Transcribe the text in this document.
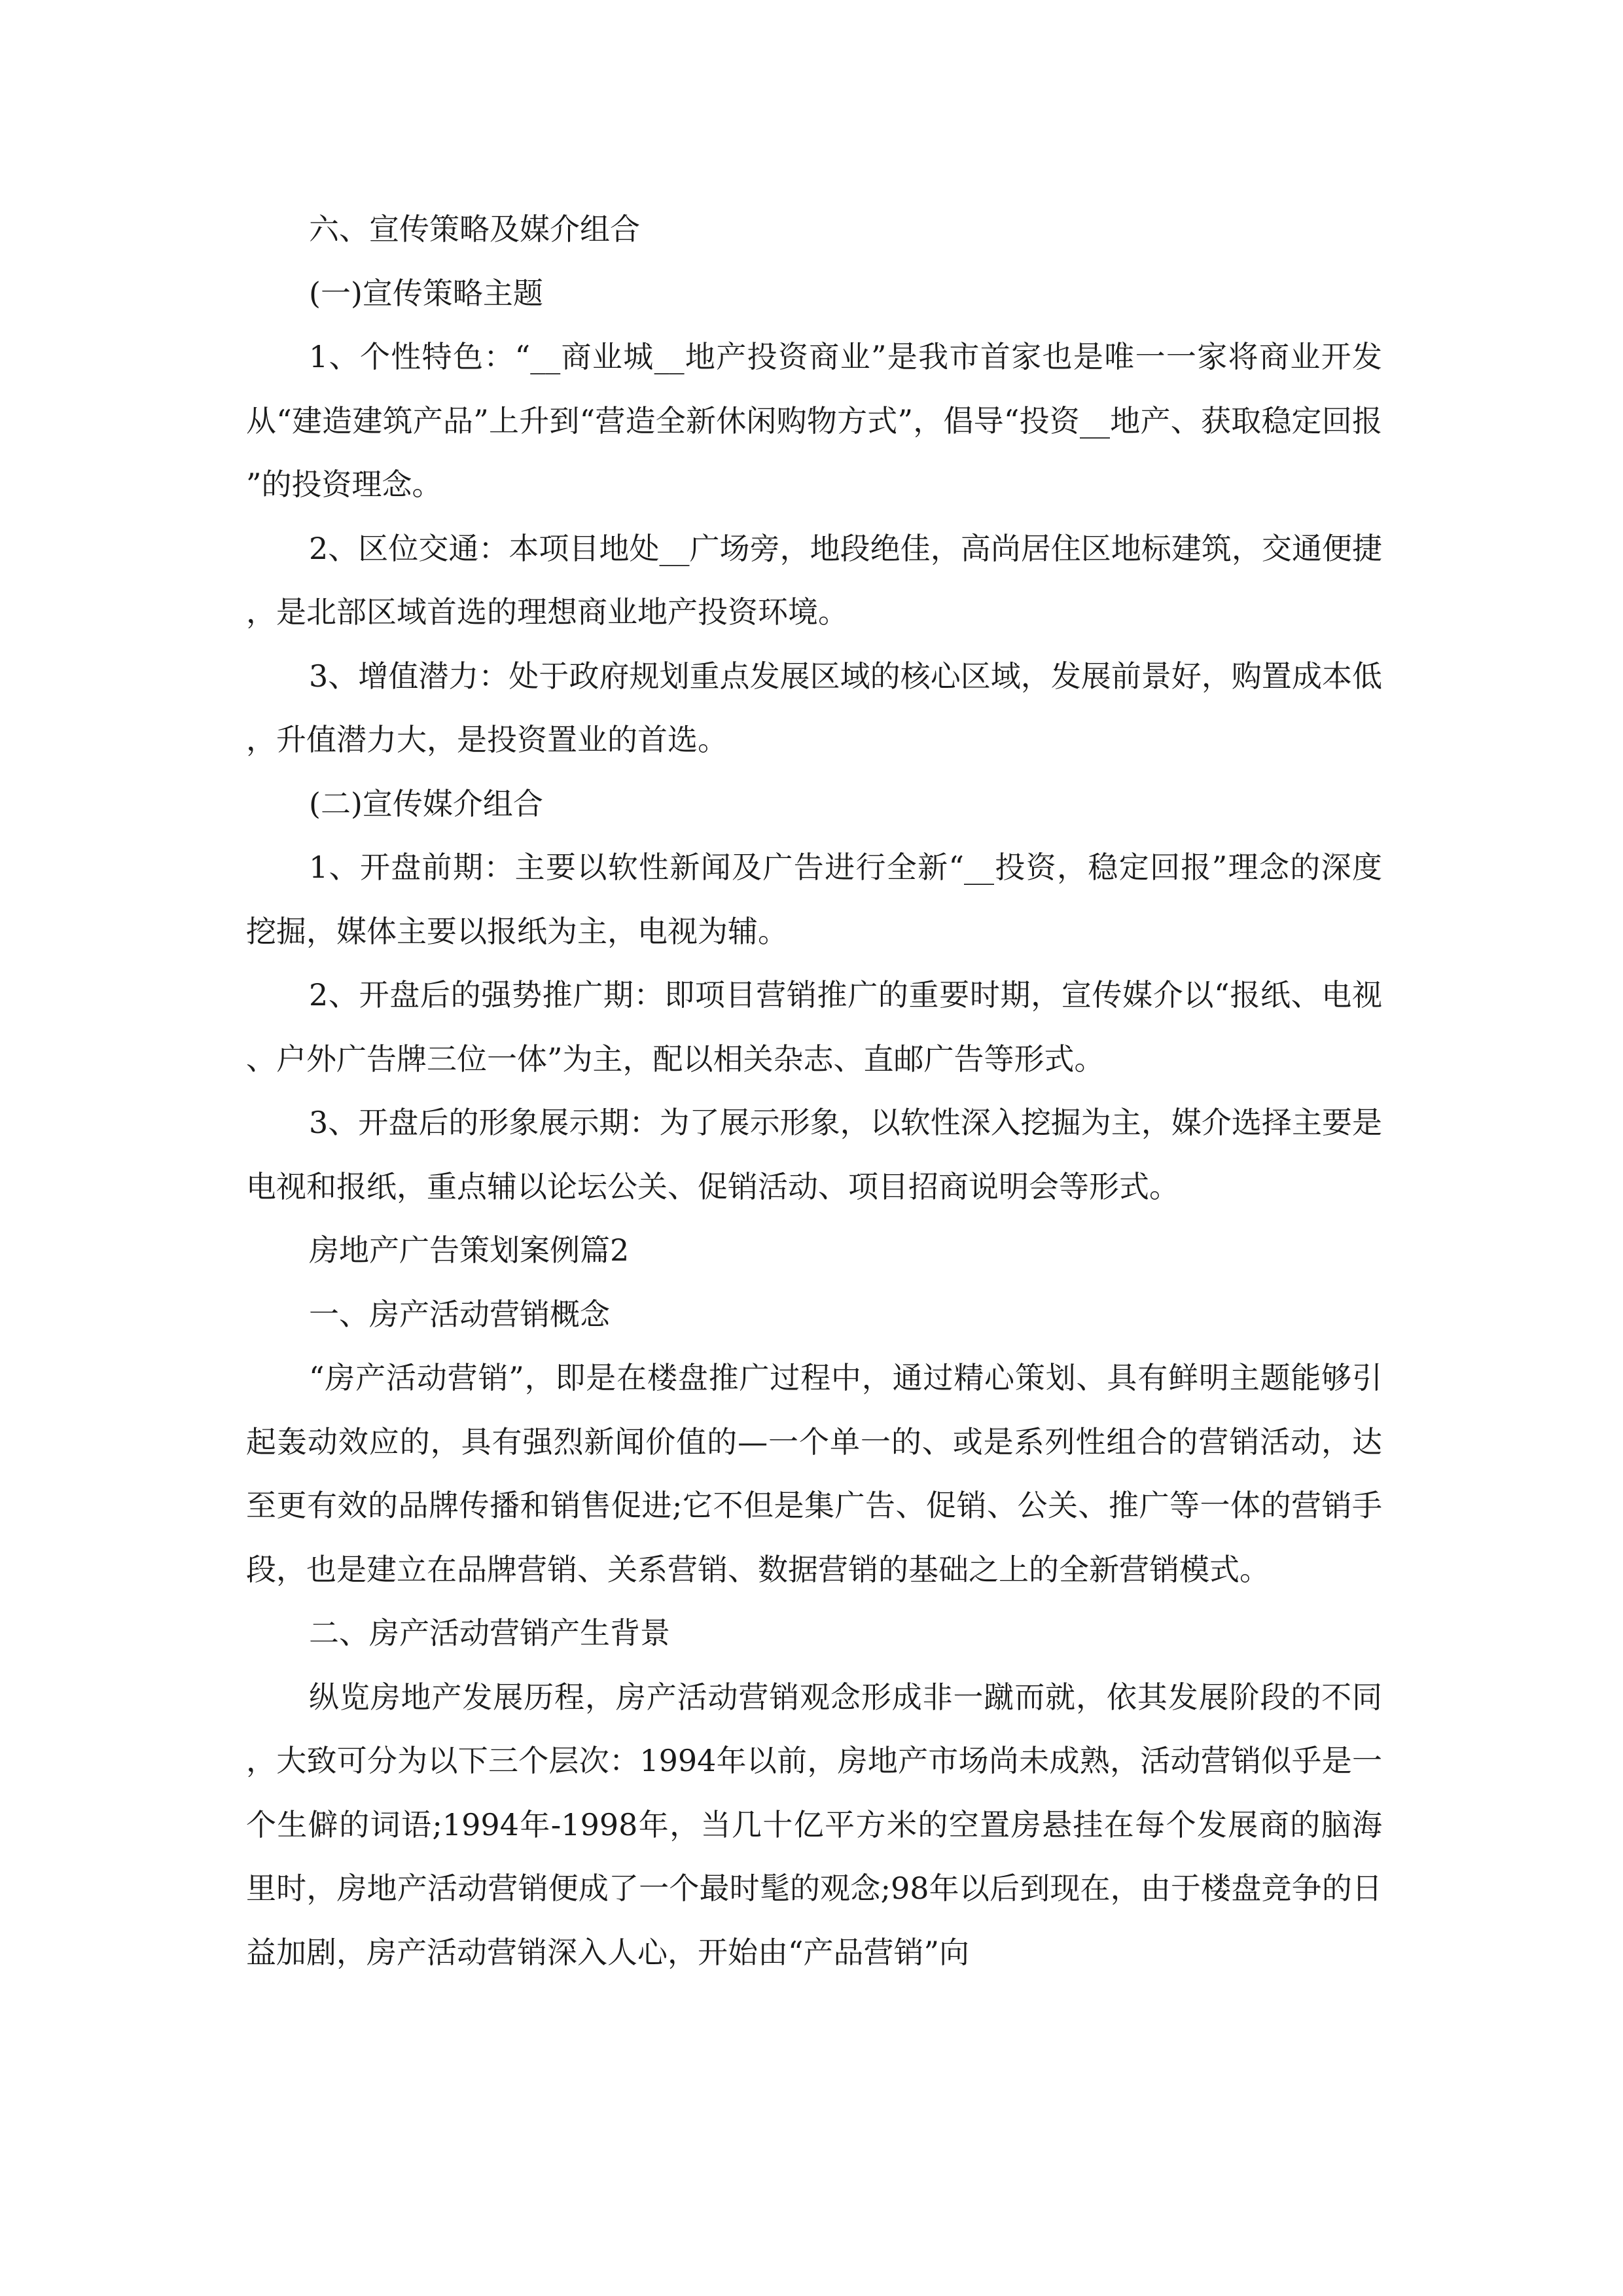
六、宣传策略及媒介组合

(一)宣传策略主题

1、个性特色：“__商业城__地产投资商业”是我市首家也是唯一一家将商业开发从“建造建筑产品”上升到“营造全新休闲购物方式”，倡导“投资__地产、获取稳定回报”的投资理念。

2、区位交通：本项目地处__广场旁，地段绝佳，高尚居住区地标建筑，交通便捷，是北部区域首选的理想商业地产投资环境。

3、增值潜力：处于政府规划重点发展区域的核心区域，发展前景好，购置成本低，升值潜力大，是投资置业的首选。

(二)宣传媒介组合

1、开盘前期：主要以软性新闻及广告进行全新“__投资，稳定回报”理念的深度挖掘，媒体主要以报纸为主，电视为辅。

2、开盘后的强势推广期：即项目营销推广的重要时期，宣传媒介以“报纸、电视、户外广告牌三位一体”为主，配以相关杂志、直邮广告等形式。

3、开盘后的形象展示期：为了展示形象，以软性深入挖掘为主，媒介选择主要是电视和报纸，重点辅以论坛公关、促销活动、项目招商说明会等形式。

房地产广告策划案例篇2

一、房产活动营销概念

“房产活动营销”，即是在楼盘推广过程中，通过精心策划、具有鲜明主题能够引起轰动效应的，具有强烈新闻价值的—一个单一的、或是系列性组合的营销活动，达至更有效的品牌传播和销售促进;它不但是集广告、促销、公关、推广等一体的营销手段，也是建立在品牌营销、关系营销、数据营销的基础之上的全新营销模式。

二、房产活动营销产生背景

纵览房地产发展历程，房产活动营销观念形成非一蹴而就，依其发展阶段的不同，大致可分为以下三个层次：1994年以前，房地产市场尚未成熟，活动营销似乎是一个生僻的词语;1994年-1998年，当几十亿平方米的空置房悬挂在每个发展商的脑海里时，房地产活动营销便成了一个最时髦的观念;98年以后到现在，由于楼盘竞争的日益加剧，房产活动营销深入人心，开始由“产品营销”向
